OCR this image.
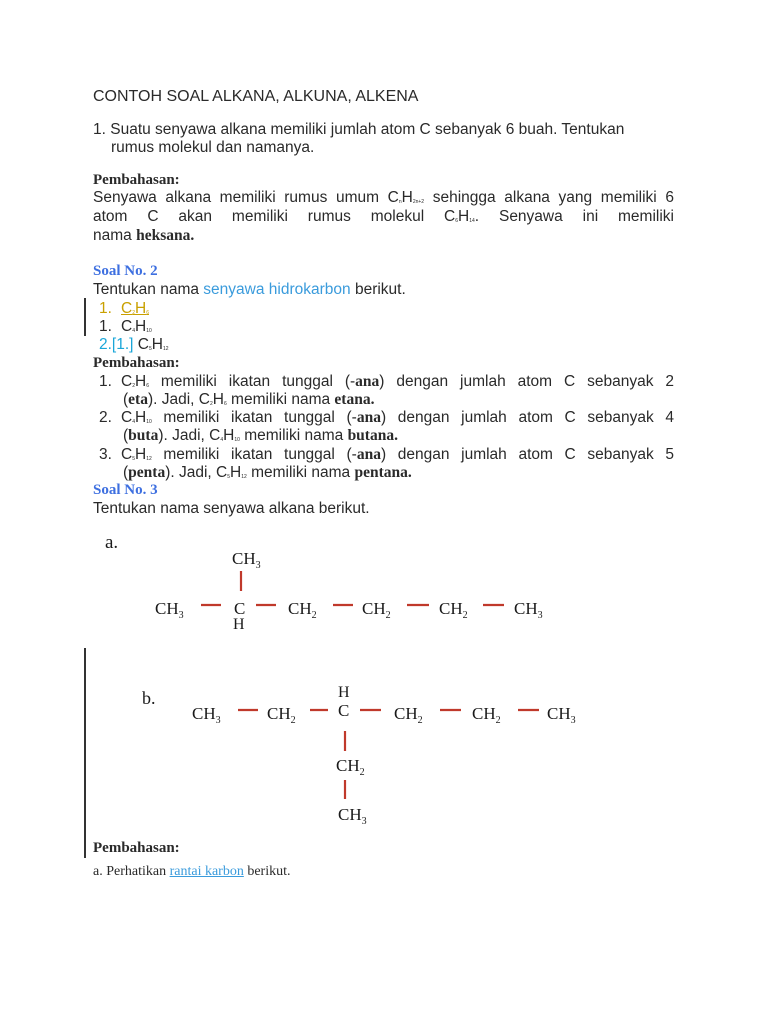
CONTOH SOAL ALKANA, ALKUNA, ALKENA
1. Suatu senyawa alkana memiliki jumlah atom C sebanyak 6 buah. Tentukan
rumus molekul dan namanya.
Pembahasan:
Senyawa alkana memiliki rumus umum $C_nH_{2n+2}$ sehingga alkana yang memiliki 6
atom C akan memiliki rumus molekul $C_6H_{14}$. Senyawa ini memiliki
nama heksana.
Soal No. 2
Tentukan nama senyawa hidrokarbon berikut.
1. $C_2H_6$
1. $C_4H_{10}$
2.[1.] $C_5H_{12}$
Pembahasan:
1. $C_2H_6$ memiliki ikatan tunggal (-ana) dengan jumlah atom C sebanyak 2
(eta). Jadi, $C_2H_6$ memiliki nama etana.
2. $C_4H_{10}$ memiliki ikatan tunggal (-ana) dengan jumlah atom C sebanyak 4
(buta). Jadi, $C_4H_{10}$ memiliki nama butana.
3. $C_5H_{12}$ memiliki ikatan tunggal (-ana) dengan jumlah atom C sebanyak 5
(penta). Jadi, $C_5H_{12}$ memiliki nama pentana.
Soal No. 3
Tentukan nama senyawa alkana berikut.
a.
$CH_3$
$CH_3$	C	$CH_2$	$CH_2$	$CH_2$	$CH_3$
H
b.	H
$CH_3$	$CH_2$
C	$CH_2$	$CH_2$	$CH_3$
$CH_2$
$CH_3$
Pembahasan:
a. Perhatikan rantai karbon berikut.
